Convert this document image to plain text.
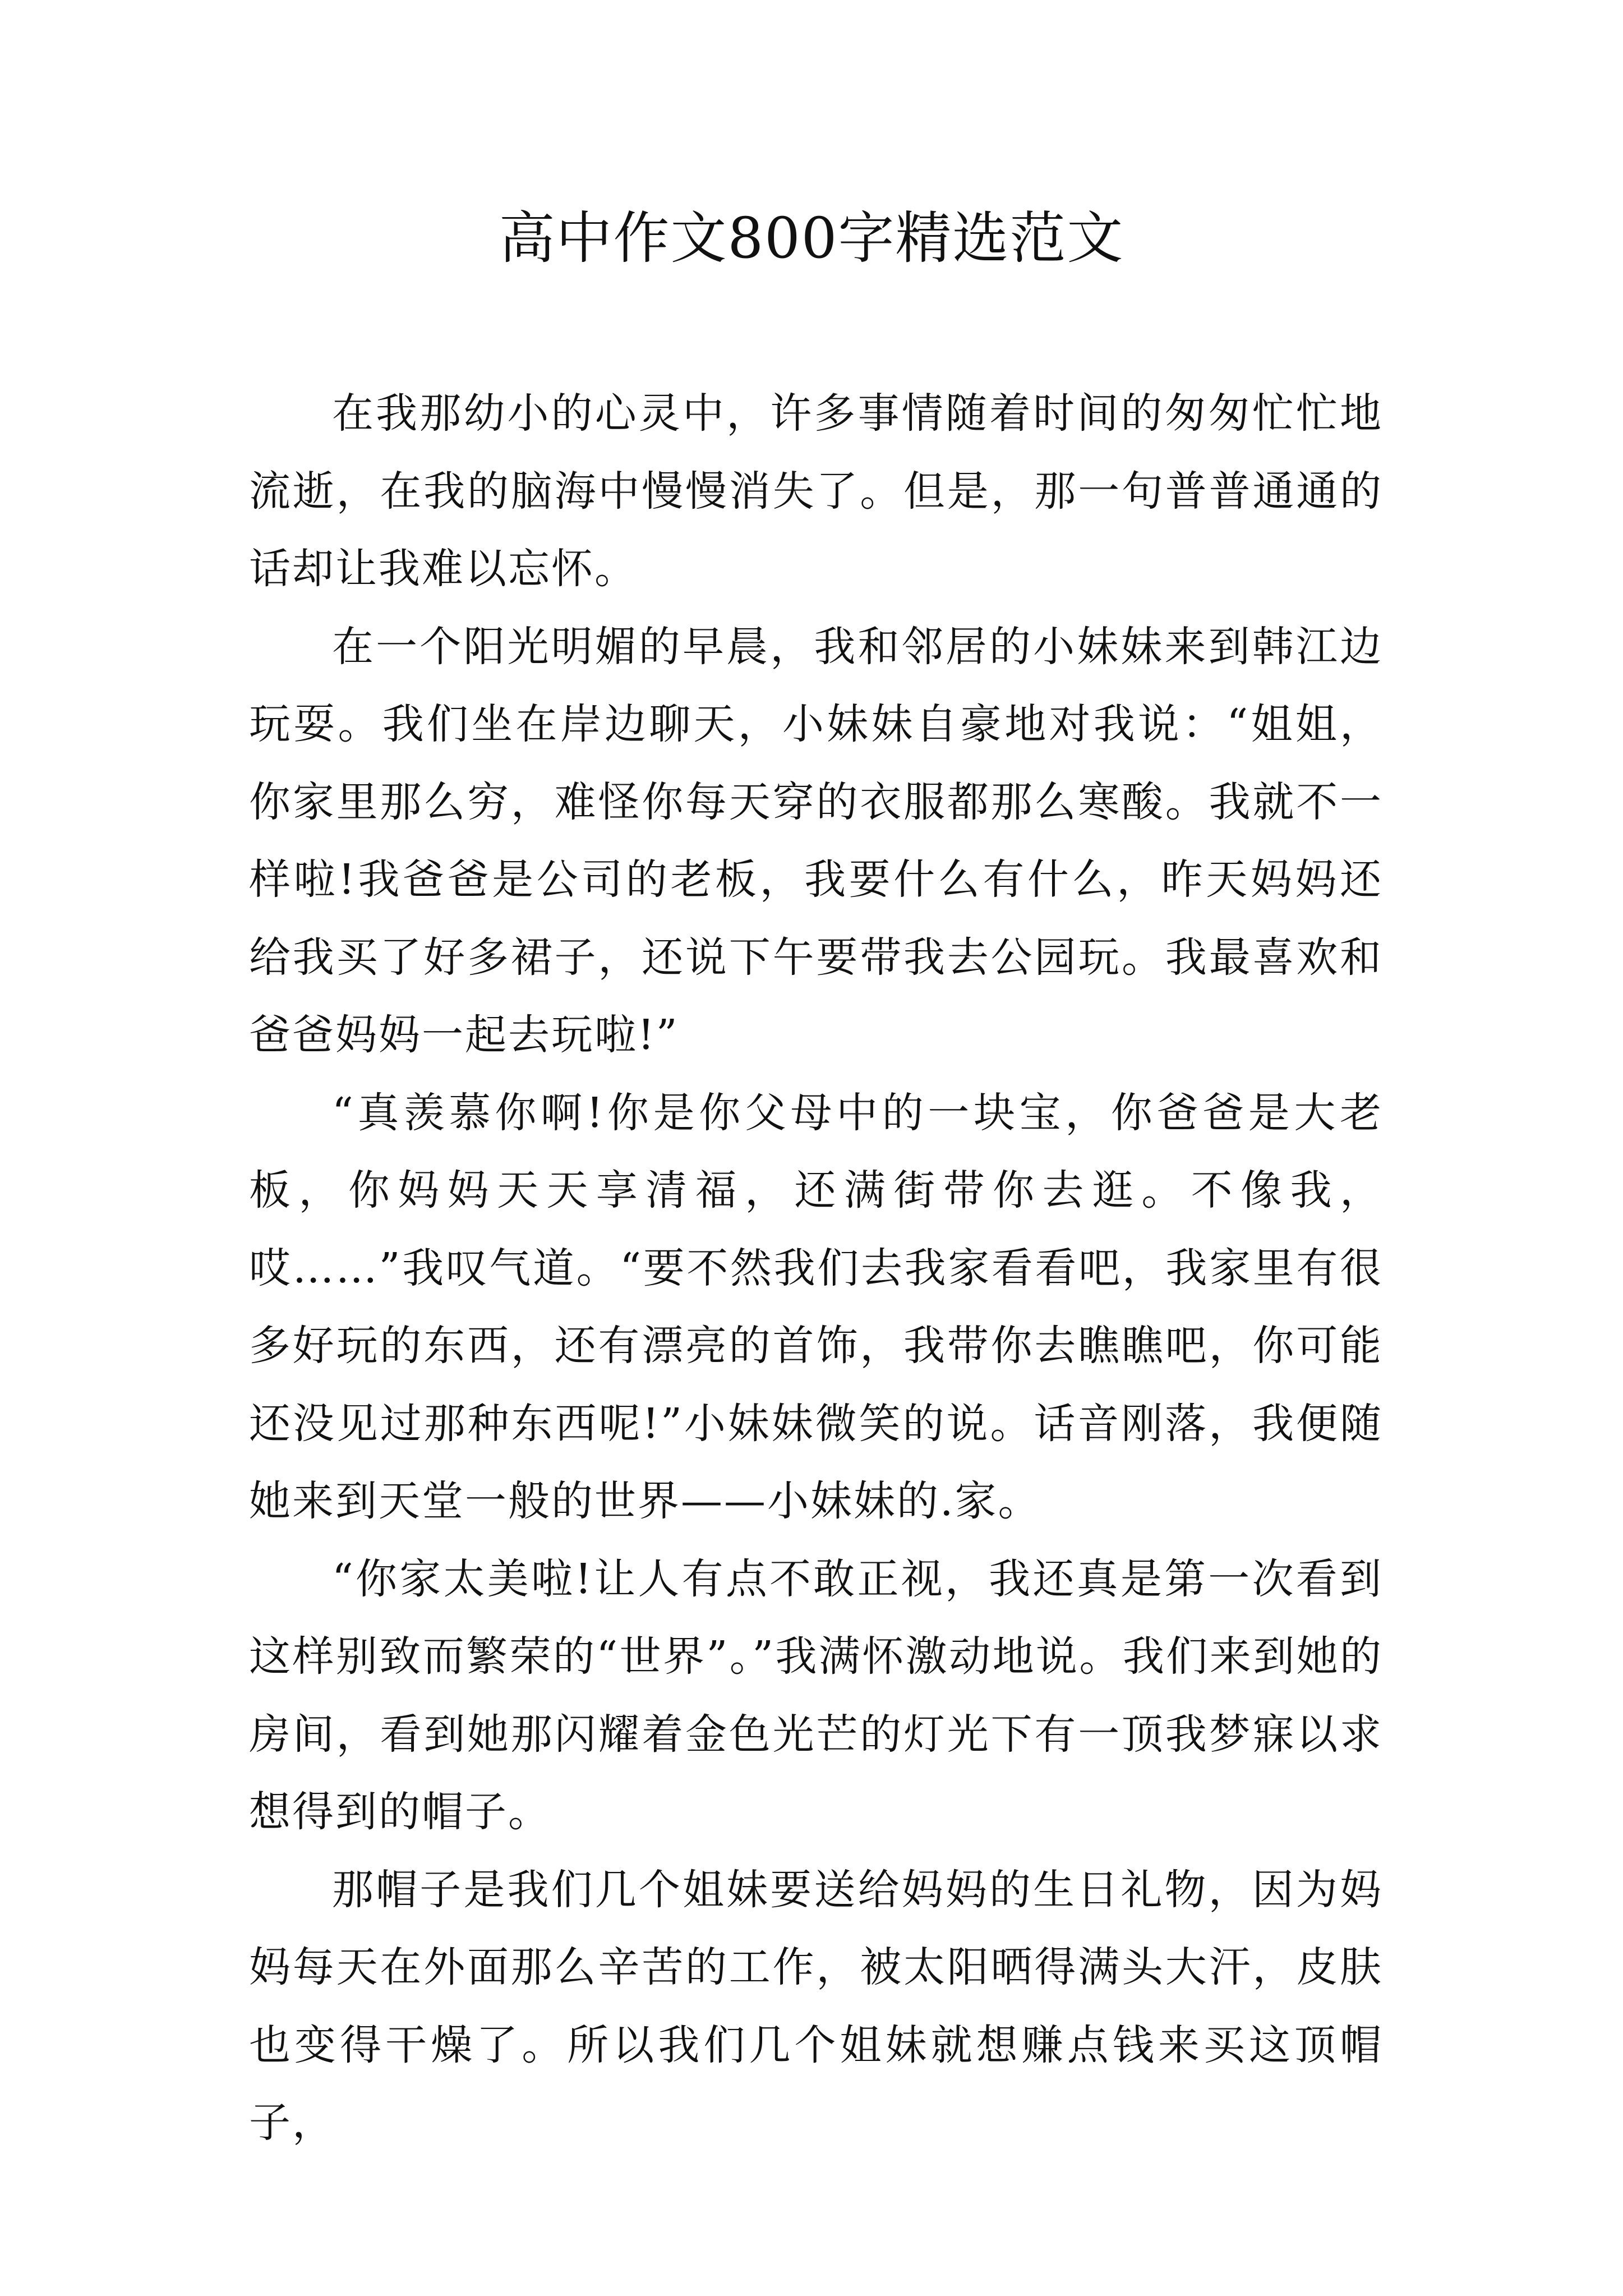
高中作文800字精选范文

在我那幼小的心灵中，许多事情随着时间的匆匆忙忙地流逝，在我的脑海中慢慢消失了。但是，那一句普普通通的话却让我难以忘怀。

在一个阳光明媚的早晨，我和邻居的小妹妹来到韩江边玩耍。我们坐在岸边聊天，小妹妹自豪地对我说：“姐姐，你家里那么穷，难怪你每天穿的衣服都那么寒酸。我就不一样啦!我爸爸是公司的老板，我要什么有什么，昨天妈妈还给我买了好多裙子，还说下午要带我去公园玩。我最喜欢和爸爸妈妈一起去玩啦!”

“真羡慕你啊!你是你父母中的一块宝，你爸爸是大老板，你妈妈天天享清福，还满街带你去逛。不像我，哎……”我叹气道。“要不然我们去我家看看吧，我家里有很多好玩的东西，还有漂亮的首饰，我带你去瞧瞧吧，你可能还没见过那种东西呢!”小妹妹微笑的说。话音刚落，我便随她来到天堂一般的世界——小妹妹的.家。

“你家太美啦!让人有点不敢正视，我还真是第一次看到这样别致而繁荣的“世界”。”我满怀激动地说。我们来到她的房间，看到她那闪耀着金色光芒的灯光下有一顶我梦寐以求想得到的帽子。

那帽子是我们几个姐妹要送给妈妈的生日礼物，因为妈妈每天在外面那么辛苦的工作，被太阳晒得满头大汗，皮肤也变得干燥了。所以我们几个姐妹就想赚点钱来买这顶帽子，
